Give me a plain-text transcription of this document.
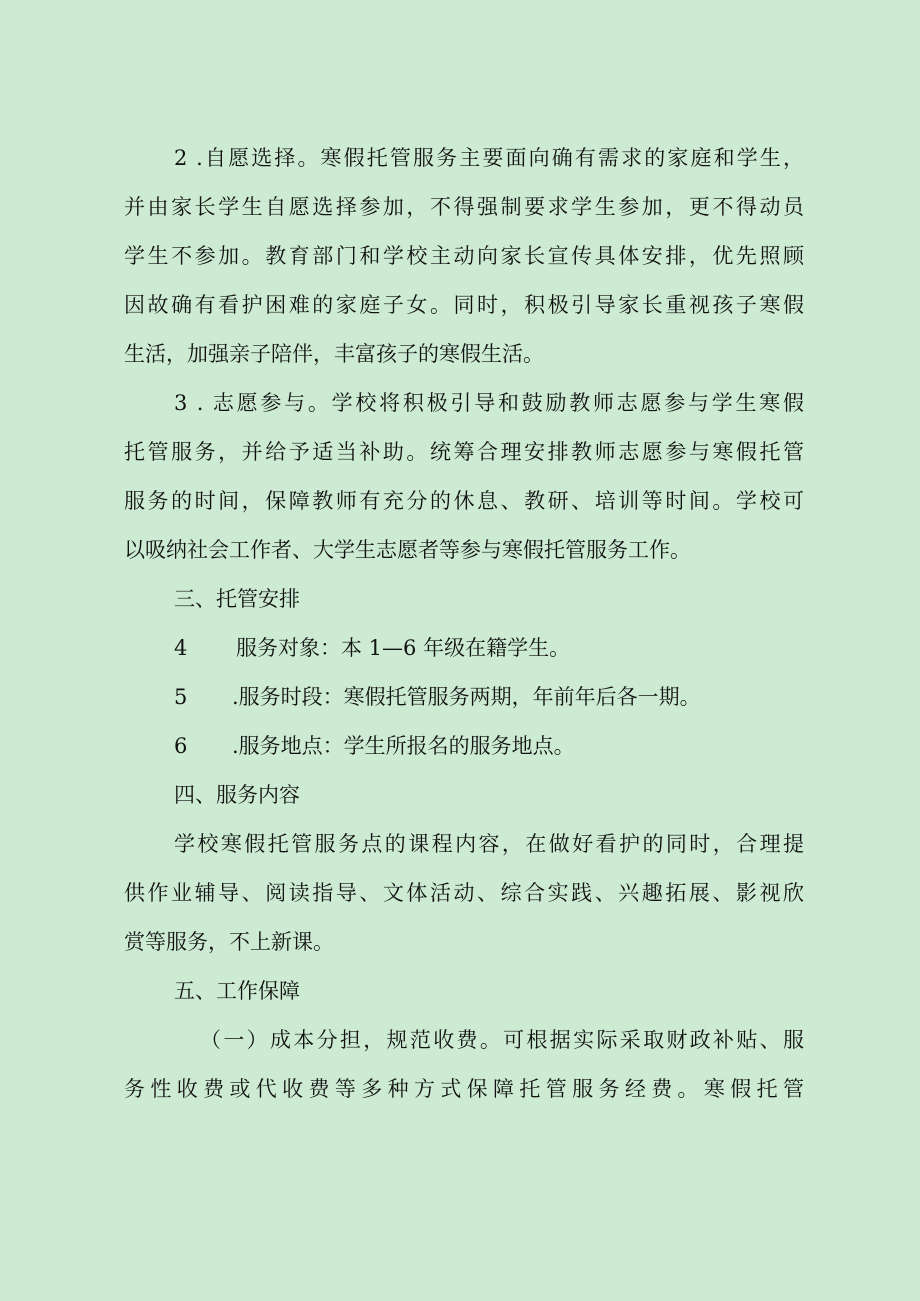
2 .自愿选择。寒假托管服务主要面向确有需求的家庭和学生，
并由家长学生自愿选择参加，不得强制要求学生参加，更不得动员
学生不参加。教育部门和学校主动向家长宣传具体安排，优先照顾
因故确有看护困难的家庭子女。同时，积极引导家长重视孩子寒假
生活，加强亲子陪伴，丰富孩子的寒假生活。
3 . 志愿参与。学校将积极引导和鼓励教师志愿参与学生寒假
托管服务，并给予适当补助。统筹合理安排教师志愿参与寒假托管
服务的时间，保障教师有充分的休息、教研、培训等时间。学校可
以吸纳社会工作者、大学生志愿者等参与寒假托管服务工作。
三、托管安排
4 服务对象：本 1—6 年级在籍学生。
5 .服务时段：寒假托管服务两期，年前年后各一期。
6 .服务地点：学生所报名的服务地点。
四、服务内容
学校寒假托管服务点的课程内容，在做好看护的同时，合理提
供作业辅导、阅读指导、文体活动、综合实践、兴趣拓展、影视欣
赏等服务，不上新课。
五、工作保障
（一）成本分担，规范收费。可根据实际采取财政补贴、服
务性收费或代收费等多种方式保障托管服务经费。寒假托管
